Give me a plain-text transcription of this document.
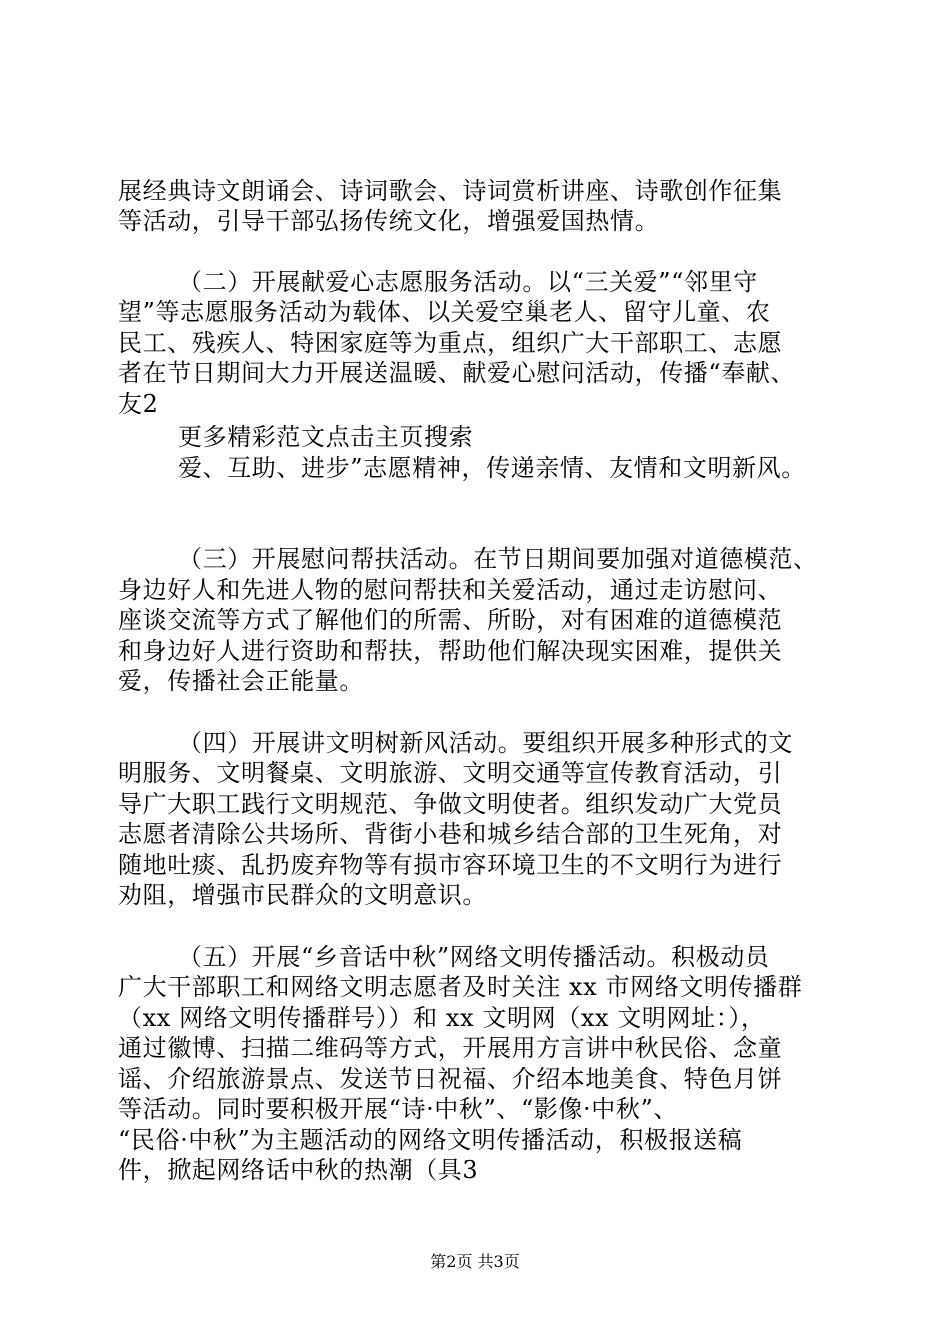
展经典诗文朗诵会、诗词歌会、诗词赏析讲座、诗歌创作征集
等活动，引导干部弘扬传统文化，增强爱国热情。
（二）开展献爱心志愿服务活动。以“三关爱”“邻里守
望”等志愿服务活动为载体、以关爱空巢老人、留守儿童、农
民工、残疾人、特困家庭等为重点，组织广大干部职工、志愿
者在节日期间大力开展送温暖、献爱心慰问活动，传播“奉献、
友2
更多精彩范文点击主页搜索
爱、互助、进步”志愿精神，传递亲情、友情和文明新风。
（三）开展慰问帮扶活动。在节日期间要加强对道德模范、
身边好人和先进人物的慰问帮扶和关爱活动，通过走访慰问、
座谈交流等方式了解他们的所需、所盼，对有困难的道德模范
和身边好人进行资助和帮扶，帮助他们解决现实困难，提供关
爱，传播社会正能量。
（四）开展讲文明树新风活动。要组织开展多种形式的文
明服务、文明餐桌、文明旅游、文明交通等宣传教育活动，引
导广大职工践行文明规范、争做文明使者。组织发动广大党员
志愿者清除公共场所、背街小巷和城乡结合部的卫生死角，对
随地吐痰、乱扔废弃物等有损市容环境卫生的不文明行为进行
劝阻，增强市民群众的文明意识。
（五）开展“乡音话中秋”网络文明传播活动。积极动员
广大干部职工和网络文明志愿者及时关注 xx 市网络文明传播群
（xx 网络文明传播群号））和 xx 文明网（xx 文明网址：），
通过徽博、扫描二维码等方式，开展用方言讲中秋民俗、念童
谣、介绍旅游景点、发送节日祝福、介绍本地美食、特色月饼
等活动。同时要积极开展“诗·中秋”、“影像·中秋”、
“民俗·中秋”为主题活动的网络文明传播活动，积极报送稿
件，掀起网络话中秋的热潮（具3
第2页 共3页
